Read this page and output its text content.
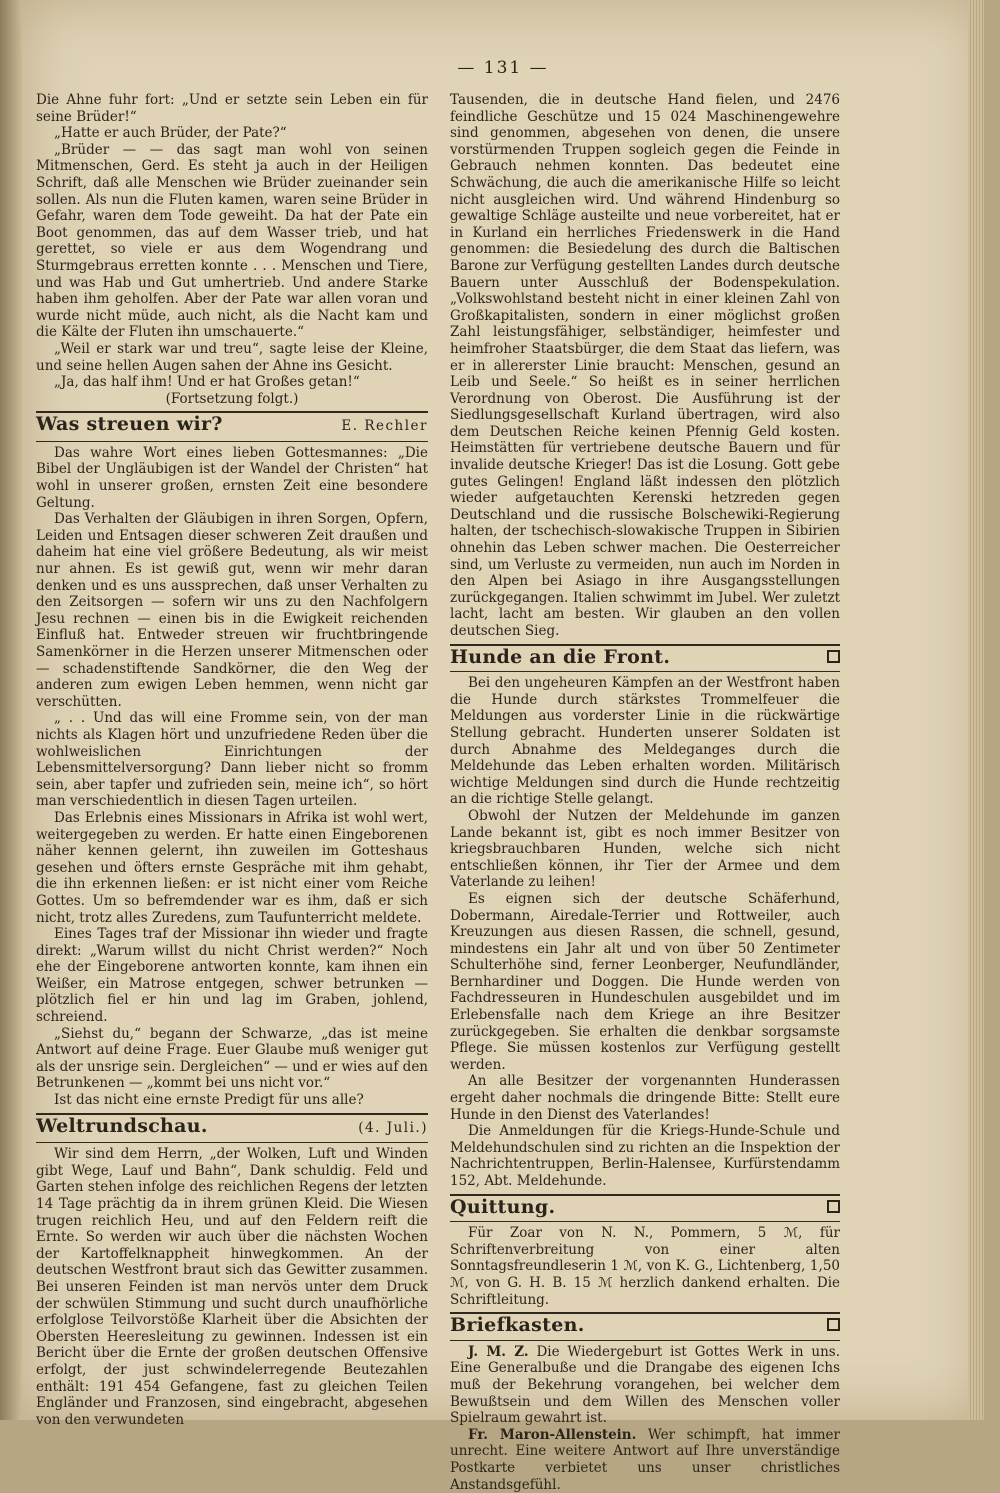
— 131 —

Die Ahne fuhr fort: „Und er setzte sein Leben ein für seine Brüder!“

„Hatte er auch Brüder, der Pate?“

„Brüder — — das sagt man wohl von seinen Mitmenschen, Gerd. Es steht ja auch in der Heiligen Schrift, daß alle Menschen wie Brüder zueinander sein sollen. Als nun die Fluten kamen, waren seine Brüder in Gefahr, waren dem Tode geweiht. Da hat der Pate ein Boot genommen, das auf dem Wasser trieb, und hat gerettet, so viele er aus dem Wogendrang und Sturmgebraus erretten konnte . . . Menschen und Tiere, und was Hab und Gut umhertrieb. Und andere Starke haben ihm geholfen. Aber der Pate war allen voran und wurde nicht müde, auch nicht, als die Nacht kam und die Kälte der Fluten ihn umschauerte.“

„Weil er stark war und treu“, sagte leise der Kleine, und seine hellen Augen sahen der Ahne ins Gesicht.

„Ja, das half ihm! Und er hat Großes getan!“

(Fortsetzung folgt.)

Was streuen wir?	E. Rechler

Das wahre Wort eines lieben Gottesmannes: „Die Bibel der Ungläubigen ist der Wandel der Christen“ hat wohl in unserer großen, ernsten Zeit eine besondere Geltung.

Das Verhalten der Gläubigen in ihren Sorgen, Opfern, Leiden und Entsagen dieser schweren Zeit draußen und daheim hat eine viel größere Bedeutung, als wir meist nur ahnen. Es ist gewiß gut, wenn wir mehr daran denken und es uns aussprechen, daß unser Verhalten zu den Zeitsorgen — sofern wir uns zu den Nachfolgern Jesu rechnen — einen bis in die Ewigkeit reichenden Einfluß hat. Entweder streuen wir fruchtbringende Samenkörner in die Herzen unserer Mitmenschen oder — schadenstiftende Sandkörner, die den Weg der anderen zum ewigen Leben hemmen, wenn nicht gar verschütten.

„ . . Und das will eine Fromme sein, von der man nichts als Klagen hört und unzufriedene Reden über die wohlweislichen Einrichtungen der Lebensmittelversorgung? Dann lieber nicht so fromm sein, aber tapfer und zufrieden sein, meine ich“, so hört man verschiedentlich in diesen Tagen urteilen.

Das Erlebnis eines Missionars in Afrika ist wohl wert, weitergegeben zu werden. Er hatte einen Eingeborenen näher kennen gelernt, ihn zuweilen im Gotteshaus gesehen und öfters ernste Gespräche mit ihm gehabt, die ihn erkennen ließen: er ist nicht einer vom Reiche Gottes. Um so befremdender war es ihm, daß er sich nicht, trotz alles Zuredens, zum Taufunterricht meldete.

Eines Tages traf der Missionar ihn wieder und fragte direkt: „Warum willst du nicht Christ werden?“ Noch ehe der Eingeborene antworten konnte, kam ihnen ein Weißer, ein Matrose entgegen, schwer betrunken — plötzlich fiel er hin und lag im Graben, johlend, schreiend.

„Siehst du,“ begann der Schwarze, „das ist meine Antwort auf deine Frage. Euer Glaube muß weniger gut als der unsrige sein. Dergleichen“ — und er wies auf den Betrunkenen — „kommt bei uns nicht vor.“

Ist das nicht eine ernste Predigt für uns alle?

Weltrundschau.	(4. Juli.)

Wir sind dem Herrn, „der Wolken, Luft und Winden gibt Wege, Lauf und Bahn“, Dank schuldig. Feld und Garten stehen infolge des reichlichen Regens der letzten 14 Tage prächtig da in ihrem grünen Kleid. Die Wiesen trugen reichlich Heu, und auf den Feldern reift die Ernte. So werden wir auch über die nächsten Wochen der Kartoffelknappheit hinwegkommen. An der deutschen Westfront braut sich das Gewitter zusammen. Bei unseren Feinden ist man nervös unter dem Druck der schwülen Stimmung und sucht durch unaufhörliche erfolglose Teilvorstöße Klarheit über die Absichten der Obersten Heeresleitung zu gewinnen. Indessen ist ein Bericht über die Ernte der großen deutschen Offensive erfolgt, der just schwindelerregende Beutezahlen enthält: 191 454 Gefangene, fast zu gleichen Teilen Engländer und Franzosen, sind eingebracht, abgesehen von den verwundeten

Tausenden, die in deutsche Hand fielen, und 2476 feindliche Geschütze und 15 024 Maschinengewehre sind genommen, abgesehen von denen, die unsere vorstürmenden Truppen sogleich gegen die Feinde in Gebrauch nehmen konnten. Das bedeutet eine Schwächung, die auch die amerikanische Hilfe so leicht nicht ausgleichen wird. Und während Hindenburg so gewaltige Schläge austeilte und neue vorbereitet, hat er in Kurland ein herrliches Friedenswerk in die Hand genommen: die Besiedelung des durch die Baltischen Barone zur Verfügung gestellten Landes durch deutsche Bauern unter Ausschluß der Bodenspekulation. „Volkswohlstand besteht nicht in einer kleinen Zahl von Großkapitalisten, sondern in einer möglichst großen Zahl leistungsfähiger, selbständiger, heimfester und heimfroher Staatsbürger, die dem Staat das liefern, was er in allererster Linie braucht: Menschen, gesund an Leib und Seele.“ So heißt es in seiner herrlichen Verordnung von Oberost. Die Ausführung ist der Siedlungsgesellschaft Kurland übertragen, wird also dem Deutschen Reiche keinen Pfennig Geld kosten. Heimstätten für vertriebene deutsche Bauern und für invalide deutsche Krieger! Das ist die Losung. Gott gebe gutes Gelingen! England läßt indessen den plötzlich wieder aufgetauchten Kerenski hetzreden gegen Deutschland und die russische Bolschewiki-Regierung halten, der tschechisch-slowakische Truppen in Sibirien ohnehin das Leben schwer machen. Die Oesterreicher sind, um Verluste zu vermeiden, nun auch im Norden in den Alpen bei Asiago in ihre Ausgangsstellungen zurückgegangen. Italien schwimmt im Jubel. Wer zuletzt lacht, lacht am besten. Wir glauben an den vollen deutschen Sieg.

Hunde an die Front.

Bei den ungeheuren Kämpfen an der Westfront haben die Hunde durch stärkstes Trommelfeuer die Meldungen aus vorderster Linie in die rückwärtige Stellung gebracht. Hunderten unserer Soldaten ist durch Abnahme des Meldeganges durch die Meldehunde das Leben erhalten worden. Militärisch wichtige Meldungen sind durch die Hunde rechtzeitig an die richtige Stelle gelangt.

Obwohl der Nutzen der Meldehunde im ganzen Lande bekannt ist, gibt es noch immer Besitzer von kriegsbrauchbaren Hunden, welche sich nicht entschließen können, ihr Tier der Armee und dem Vaterlande zu leihen!

Es eignen sich der deutsche Schäferhund, Dobermann, Airedale-Terrier und Rottweiler, auch Kreuzungen aus diesen Rassen, die schnell, gesund, mindestens ein Jahr alt und von über 50 Zentimeter Schulterhöhe sind, ferner Leonberger, Neufundländer, Bernhardiner und Doggen. Die Hunde werden von Fachdresseuren in Hundeschulen ausgebildet und im Erlebensfalle nach dem Kriege an ihre Besitzer zurückgegeben. Sie erhalten die denkbar sorgsamste Pflege. Sie müssen kostenlos zur Verfügung gestellt werden.

An alle Besitzer der vorgenannten Hunderassen ergeht daher nochmals die dringende Bitte: Stellt eure Hunde in den Dienst des Vaterlandes!

Die Anmeldungen für die Kriegs-Hunde-Schule und Meldehundschulen sind zu richten an die Inspektion der Nachrichtentruppen, Berlin-Halensee, Kurfürstendamm 152, Abt. Meldehunde.

Quittung.

Für Zoar von N. N., Pommern, 5 ℳ, für Schriftenverbreitung von einer alten Sonntagsfreundleserin 1 ℳ, von K. G., Lichtenberg, 1,50 ℳ, von G. H. B. 15 ℳ herzlich dankend erhalten. Die Schriftleitung.

Briefkasten.

J. M. Z. Die Wiedergeburt ist Gottes Werk in uns. Eine Generalbuße und die Drangabe des eigenen Ichs muß der Bekehrung vorangehen, bei welcher dem Bewußtsein und dem Willen des Menschen voller Spielraum gewahrt ist.

Fr. Maron-Allenstein. Wer schimpft, hat immer unrecht. Eine weitere Antwort auf Ihre unverständige Postkarte verbietet uns unser christliches Anstandsgefühl.
